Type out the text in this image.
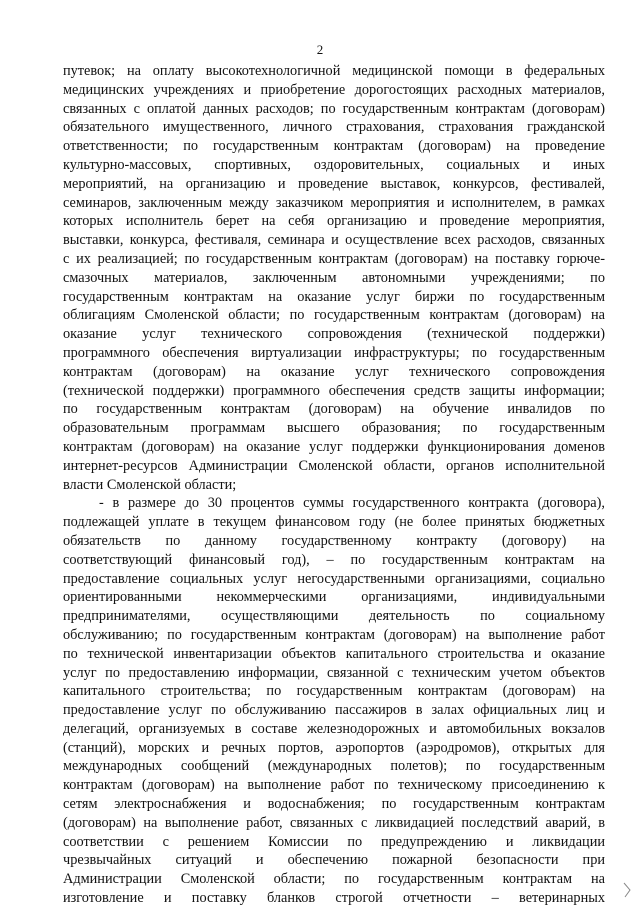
2
путевок; на оплату высокотехнологичной медицинской помощи в федеральных
медицинских учреждениях и приобретение дорогостоящих расходных материалов,
связанных с оплатой данных расходов; по государственным контрактам (договорам)
обязательного имущественного, личного страхования, страхования гражданской
ответственности; по государственным контрактам (договорам) на проведение
культурно-массовых, спортивных, оздоровительных, социальных и иных
мероприятий, на организацию и проведение выставок, конкурсов, фестивалей,
семинаров, заключенным между заказчиком мероприятия и исполнителем, в рамках
которых исполнитель берет на себя организацию и проведение мероприятия,
выставки, конкурса, фестиваля, семинара и осуществление всех расходов, связанных
с их реализацией; по государственным контрактам (договорам) на поставку горюче-
смазочных материалов, заключенным автономными учреждениями; по
государственным контрактам на оказание услуг биржи по государственным
облигациям Смоленской области; по государственным контрактам (договорам) на
оказание услуг технического сопровождения (технической поддержки)
программного обеспечения виртуализации инфраструктуры; по государственным
контрактам (договорам) на оказание услуг технического сопровождения
(технической поддержки) программного обеспечения средств защиты информации;
по государственным контрактам (договорам) на обучение инвалидов по
образовательным программам высшего образования; по государственным
контрактам (договорам) на оказание услуг поддержки функционирования доменов
интернет-ресурсов Администрации Смоленской области, органов исполнительной
власти Смоленской области;
- в размере до 30 процентов суммы государственного контракта (договора),
подлежащей уплате в текущем финансовом году (не более принятых бюджетных
обязательств по данному государственному контракту (договору) на
соответствующий финансовый год), – по государственным контрактам на
предоставление социальных услуг негосударственными организациями, социально
ориентированными некоммерческими организациями, индивидуальными
предпринимателями, осуществляющими деятельность по социальному
обслуживанию; по государственным контрактам (договорам) на выполнение работ
по технической инвентаризации объектов капитального строительства и оказание
услуг по предоставлению информации, связанной с техническим учетом объектов
капитального строительства; по государственным контрактам (договорам) на
предоставление услуг по обслуживанию пассажиров в залах официальных лиц и
делегаций, организуемых в составе железнодорожных и автомобильных вокзалов
(станций), морских и речных портов, аэропортов (аэродромов), открытых для
международных сообщений (международных полетов); по государственным
контрактам (договорам) на выполнение работ по техническому присоединению к
сетям электроснабжения и водоснабжения; по государственным контрактам
(договорам) на выполнение работ, связанных с ликвидацией последствий аварий, в
соответствии с решением Комиссии по предупреждению и ликвидации
чрезвычайных ситуаций и обеспечению пожарной безопасности при
Администрации Смоленской области; по государственным контрактам на
изготовление и поставку бланков строгой отчетности – ветеринарных
